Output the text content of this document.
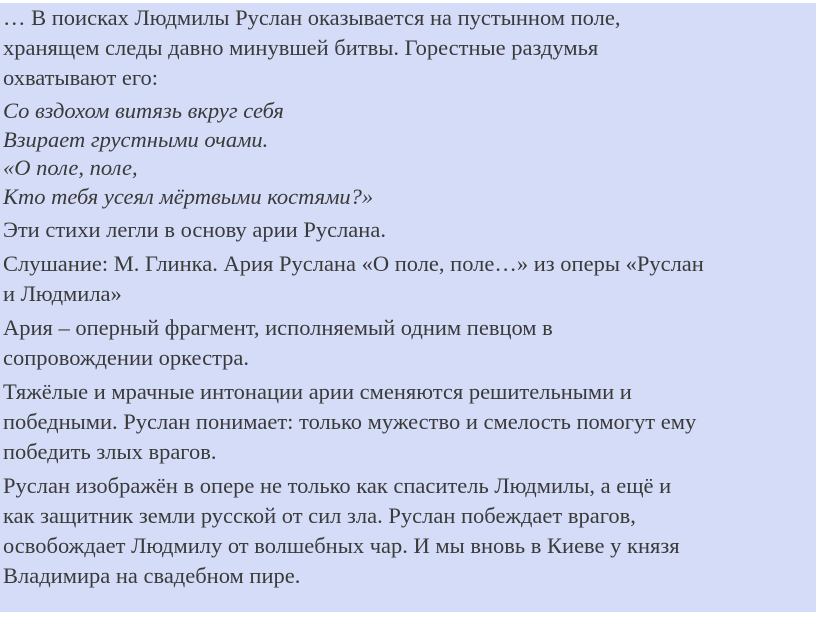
… В поисках Людмилы Руслан оказывается на пустынном поле,
хранящем следы давно минувшей битвы. Горестные раздумья
охватывают его:
Со вздохом витязь вкруг себя
Взирает грустными очами.
«О поле, поле,
Кто тебя усеял мёртвыми костями?»
Эти стихи легли в основу арии Руслана.
Слушание: М. Глинка. Ария Руслана «О поле, поле…» из оперы «Руслан
и Людмила»
Ария – оперный фрагмент, исполняемый одним певцом в
сопровождении оркестра.
Тяжёлые и мрачные интонации арии сменяются решительными и
победными. Руслан понимает: только мужество и смелость помогут ему
победить злых врагов.
Руслан изображён в опере не только как спаситель Людмилы, а ещё и
как защитник земли русской от сил зла. Руслан побеждает врагов,
освобождает Людмилу от волшебных чар. И мы вновь в Киеве у князя
Владимира на свадебном пире.
